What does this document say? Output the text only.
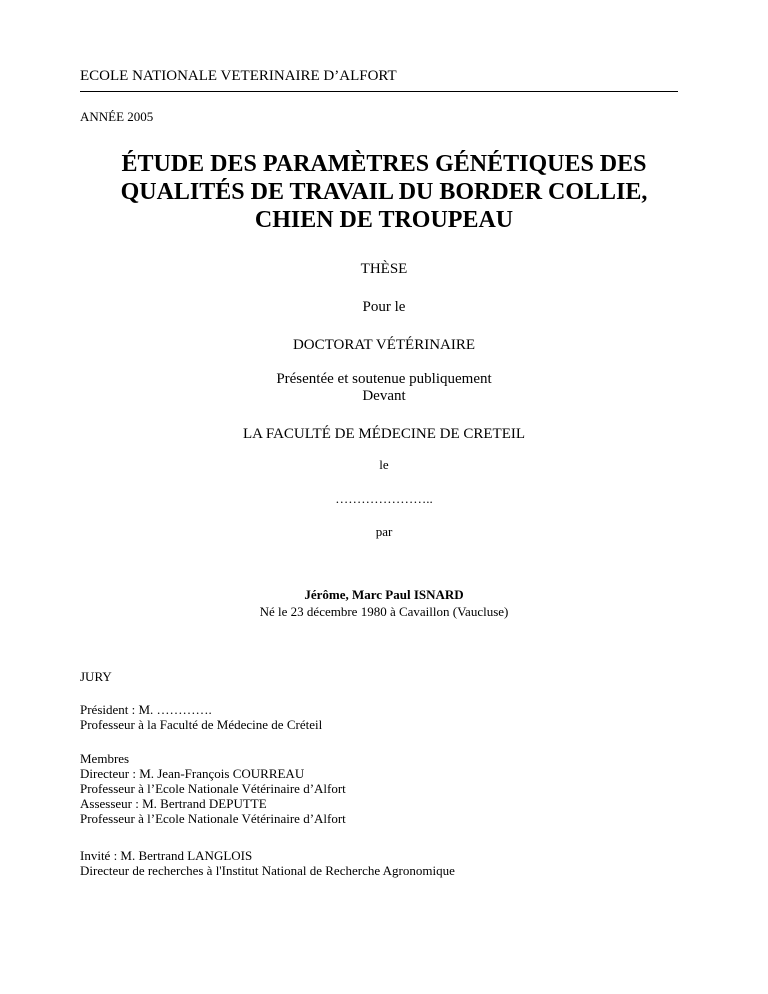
ECOLE NATIONALE VETERINAIRE D’ALFORT
ANNÉE 2005
ÉTUDE DES PARAMÈTRES GÉNÉTIQUES DES
QUALITÉS DE TRAVAIL DU BORDER COLLIE,
CHIEN DE TROUPEAU
THÈSE
Pour le
DOCTORAT VÉTÉRINAIRE
Présentée et soutenue publiquement
Devant
LA FACULTÉ DE MÉDECINE DE CRETEIL
le
…………………..
par
Jérôme, Marc Paul ISNARD
Né le 23 décembre 1980 à Cavaillon (Vaucluse)
JURY
Président : M. ………….
Professeur à la Faculté de Médecine de Créteil
Membres
Directeur : M. Jean-François COURREAU
Professeur à l’Ecole Nationale Vétérinaire d’Alfort
Assesseur : M. Bertrand DEPUTTE
Professeur à l’Ecole Nationale Vétérinaire d’Alfort
Invité : M. Bertrand LANGLOIS
Directeur de recherches à l'Institut National de Recherche Agronomique
